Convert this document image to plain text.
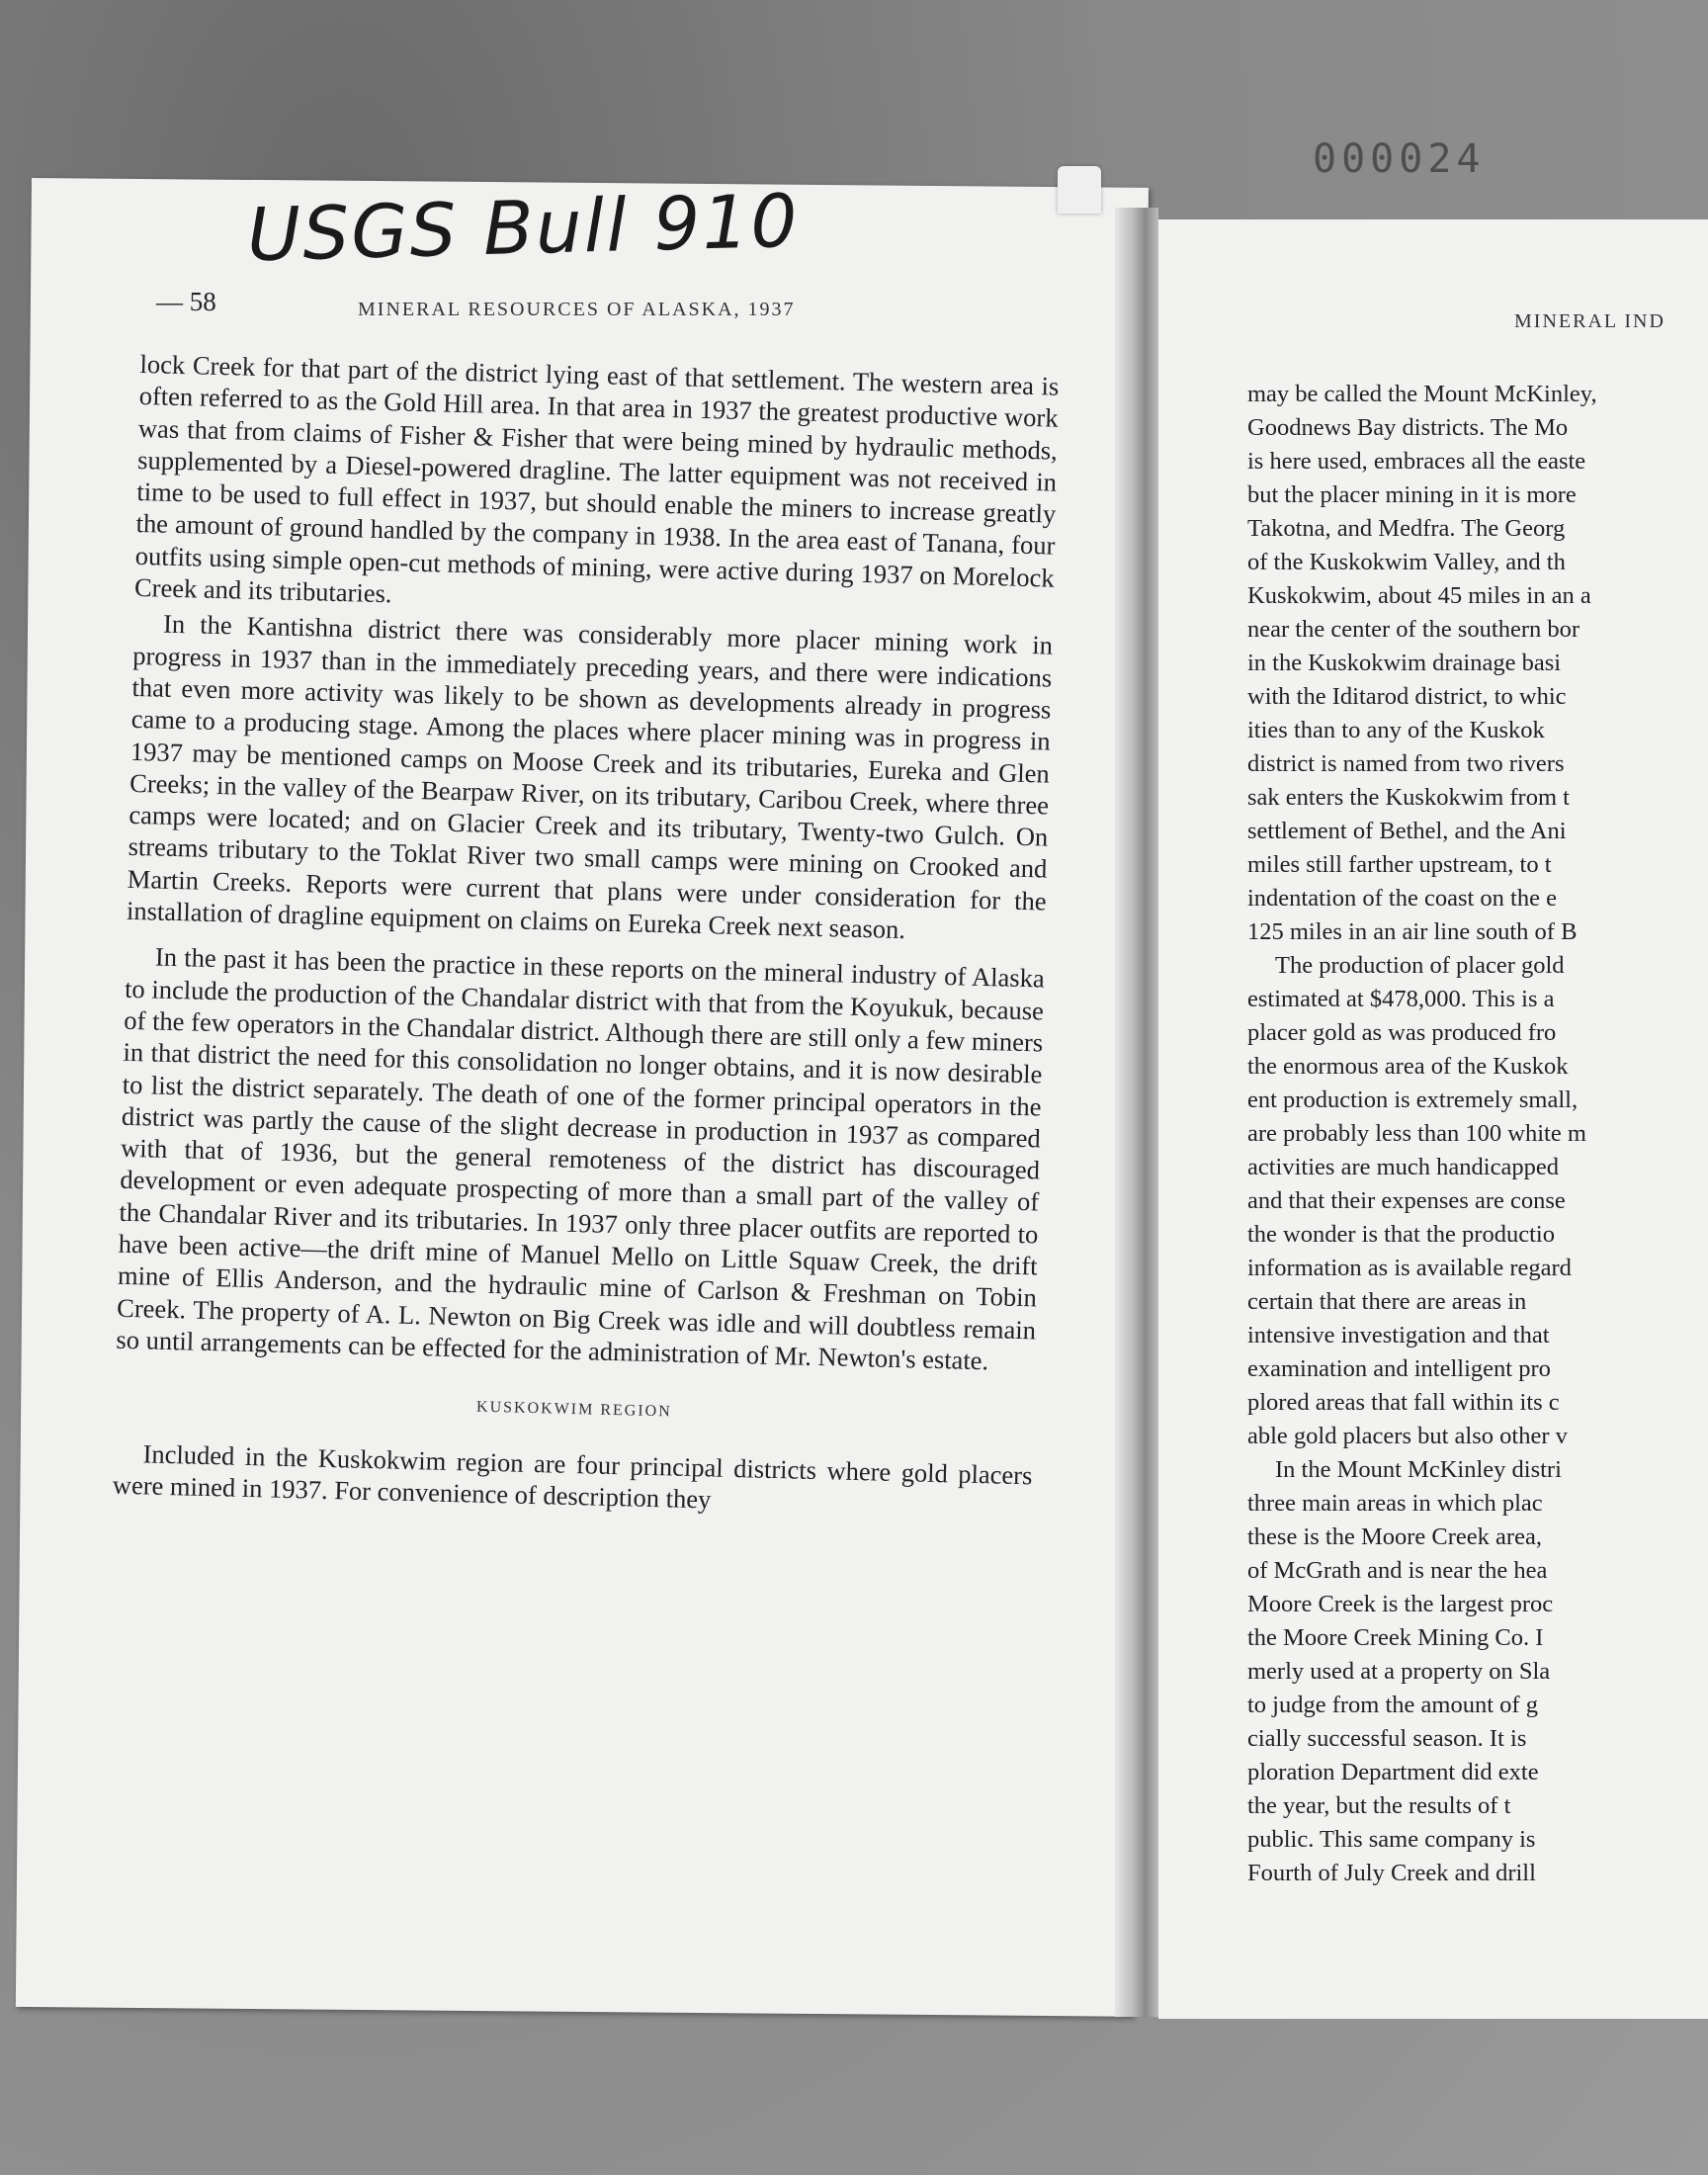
000024
MINERAL IND
may be called the Mount McKinley,
Goodnews Bay districts. The Mo
is here used, embraces all the easte
but the placer mining in it is more
Takotna, and Medfra. The Georg
of the Kuskokwim Valley, and th
Kuskokwim, about 45 miles in an a
near the center of the southern bor
in the Kuskokwim drainage basi
with the Iditarod district, to whic
ities than to any of the Kuskok
district is named from two rivers
sak enters the Kuskokwim from t
settlement of Bethel, and the Ani
miles still farther upstream, to t
indentation of the coast on the e
125 miles in an air line south of B
The production of placer gold
estimated at $478,000. This is a
placer gold as was produced fro
the enormous area of the Kuskok
ent production is extremely small,
are probably less than 100 white m
activities are much handicapped
and that their expenses are conse
the wonder is that the productio
information as is available regard
certain that there are areas in
intensive investigation and that
examination and intelligent pro
plored areas that fall within its c
able gold placers but also other v
In the Mount McKinley distri
three main areas in which plac
these is the Moore Creek area,
of McGrath and is near the hea
Moore Creek is the largest proc
the Moore Creek Mining Co. I
merly used at a property on Sla
to judge from the amount of g
cially successful season. It is
ploration Department did exte
the year, but the results of t
public. This same company is
Fourth of July Creek and drill
USGS Bull 910
— 58	MINERAL RESOURCES OF ALASKA, 1937

lock Creek for that part of the district lying east of that settlement. The western area is often referred to as the Gold Hill area. In that area in 1937 the greatest productive work was that from claims of Fisher & Fisher that were being mined by hydraulic methods, supplemented by a Diesel-powered dragline. The latter equipment was not received in time to be used to full effect in 1937, but should enable the miners to increase greatly the amount of ground handled by the company in 1938. In the area east of Tanana, four outfits using simple open-cut methods of mining, were active during 1937 on Morelock Creek and its tributaries.

In the Kantishna district there was considerably more placer mining work in progress in 1937 than in the immediately preceding years, and there were indications that even more activity was likely to be shown as developments already in progress came to a producing stage. Among the places where placer mining was in progress in 1937 may be mentioned camps on Moose Creek and its tributaries, Eureka and Glen Creeks; in the valley of the Bearpaw River, on its tributary, Caribou Creek, where three camps were located; and on Glacier Creek and its tributary, Twenty-two Gulch. On streams tributary to the Toklat River two small camps were mining on Crooked and Martin Creeks. Reports were current that plans were under consideration for the installation of dragline equipment on claims on Eureka Creek next season.

In the past it has been the practice in these reports on the mineral industry of Alaska to include the production of the Chandalar district with that from the Koyukuk, because of the few operators in the Chandalar district. Although there are still only a few miners in that district the need for this consolidation no longer obtains, and it is now desirable to list the district separately. The death of one of the former principal operators in the district was partly the cause of the slight decrease in production in 1937 as compared with that of 1936, but the general remoteness of the district has discouraged development or even adequate prospecting of more than a small part of the valley of the Chandalar River and its tributaries. In 1937 only three placer outfits are reported to have been active—the drift mine of Manuel Mello on Little Squaw Creek, the drift mine of Ellis Anderson, and the hydraulic mine of Carlson & Freshman on Tobin Creek. The property of A. L. Newton on Big Creek was idle and will doubtless remain so until arrangements can be effected for the administration of Mr. Newton's estate.

KUSKOKWIM REGION

Included in the Kuskokwim region are four principal districts where gold placers were mined in 1937. For convenience of description they
